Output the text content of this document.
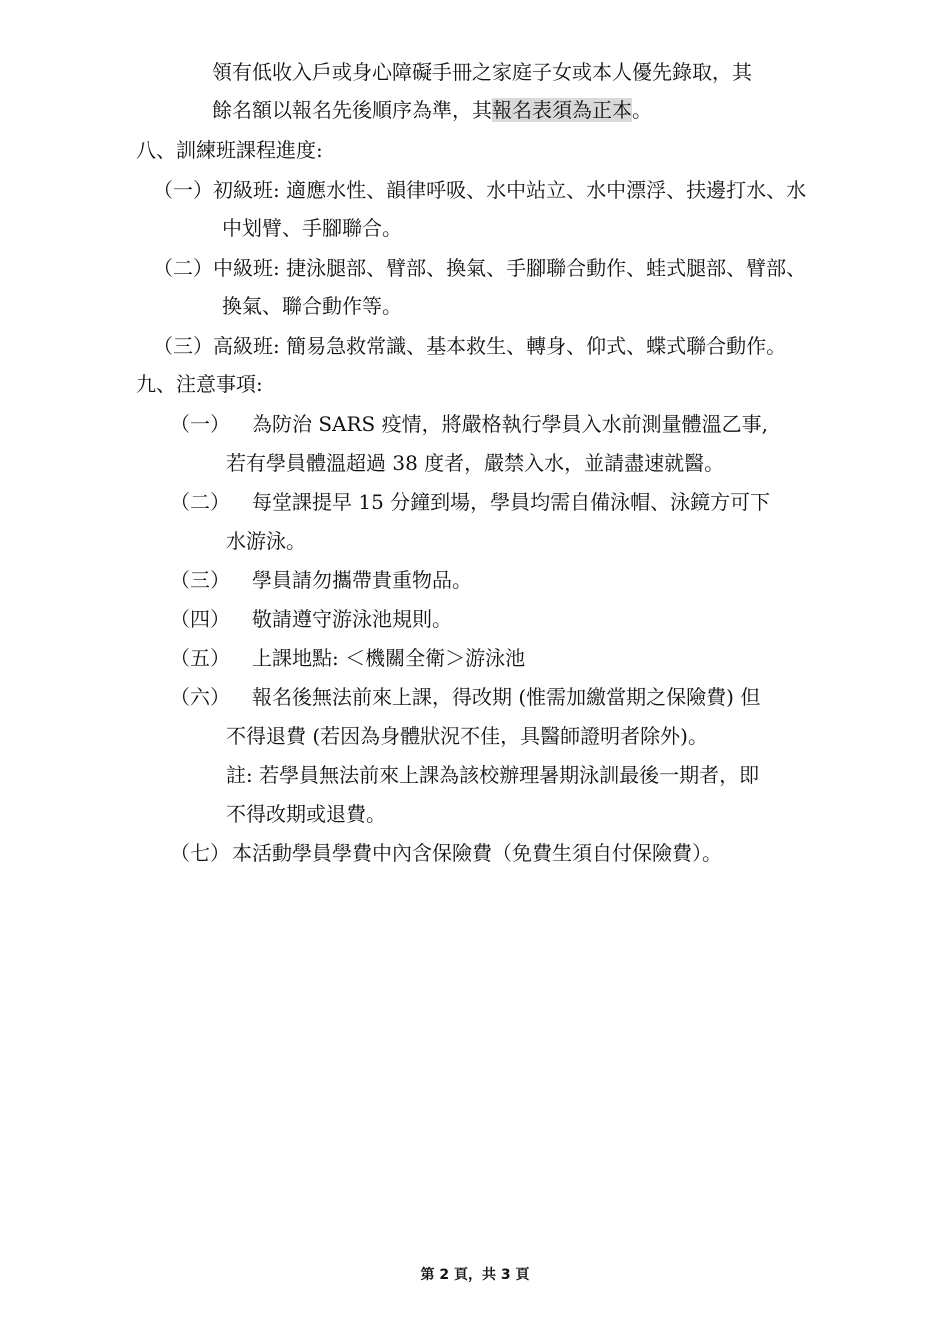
領有低收入戶或身心障礙手冊之家庭子女或本人優先錄取，其
餘名額以報名先後順序為準，其報名表須為正本。
八、訓練班課程進度:
（一）初級班: 適應水性、韻律呼吸、水中站立、水中漂浮、扶邊打水、水
中划臂、手腳聯合。
（二）中級班: 捷泳腿部、臂部、換氣、手腳聯合動作、蛙式腿部、臂部、
換氣、聯合動作等。
（三）高級班: 簡易急救常識、基本救生、轉身、仰式、蝶式聯合動作。
九、注意事項:
（一） 為防治 SARS 疫情，將嚴格執行學員入水前測量體溫乙事,
若有學員體溫超過 38 度者，嚴禁入水，並請盡速就醫。
（二） 每堂課提早 15 分鐘到場，學員均需自備泳帽、泳鏡方可下
水游泳。
（三） 學員請勿攜帶貴重物品。
（四） 敬請遵守游泳池規則。
（五） 上課地點: ＜機關全衛＞游泳池
（六） 報名後無法前來上課，得改期 (惟需加繳當期之保險費) 但
不得退費 (若因為身體狀況不佳，具醫師證明者除外)。
註: 若學員無法前來上課為該校辦理暑期泳訓最後一期者，即
不得改期或退費。
（七） 本活動學員學費中內含保險費（免費生須自付保險費）。
第 2 頁，共 3 頁
